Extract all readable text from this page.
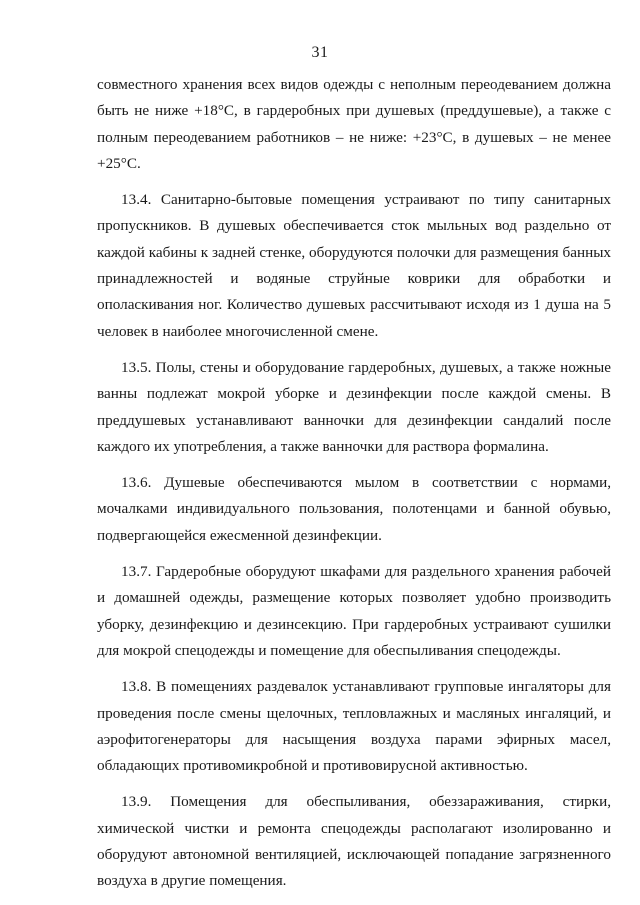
31

совместного хранения всех видов одежды с неполным переодеванием должна быть не ниже +18°С, в гардеробных при душевых (преддушевые), а также с полным переодеванием работников – не ниже: +23°С, в душевых – не менее +25°С.

13.4. Санитарно-бытовые помещения устраивают по типу санитарных пропускников. В душевых обеспечивается сток мыльных вод раздельно от каждой кабины к задней стенке, оборудуются полочки для размещения банных принадлежностей и водяные струйные коврики для обработки и ополаскивания ног. Количество душевых рассчитывают исходя из 1 душа на 5 человек в наиболее многочисленной смене.

13.5. Полы, стены и оборудование гардеробных, душевых, а также ножные ванны подлежат мокрой уборке и дезинфекции после каждой смены. В преддушевых устанавливают ванночки для дезинфекции сандалий после каждого их употребления, а также ванночки для раствора формалина.

13.6. Душевые обеспечиваются мылом в соответствии с нормами, мочалками индивидуального пользования, полотенцами и банной обувью, подвергающейся ежесменной дезинфекции.

13.7. Гардеробные оборудуют шкафами для раздельного хранения рабочей и домашней одежды, размещение которых позволяет удобно производить уборку, дезинфекцию и дезинсекцию. При гардеробных устраивают сушилки для мокрой спецодежды и помещение для обеспыливания спецодежды.

13.8. В помещениях раздевалок устанавливают групповые ингаляторы для проведения после смены щелочных, тепловлажных и масляных ингаляций, и аэрофитогенераторы для насыщения воздуха парами эфирных масел, обладающих противомикробной и противовирусной активностью.

13.9. Помещения для обеспыливания, обеззараживания, стирки, химической чистки и ремонта спецодежды располагают изолированно и оборудуют автономной вентиляцией, исключающей попадание загрязненного воздуха в другие помещения.
